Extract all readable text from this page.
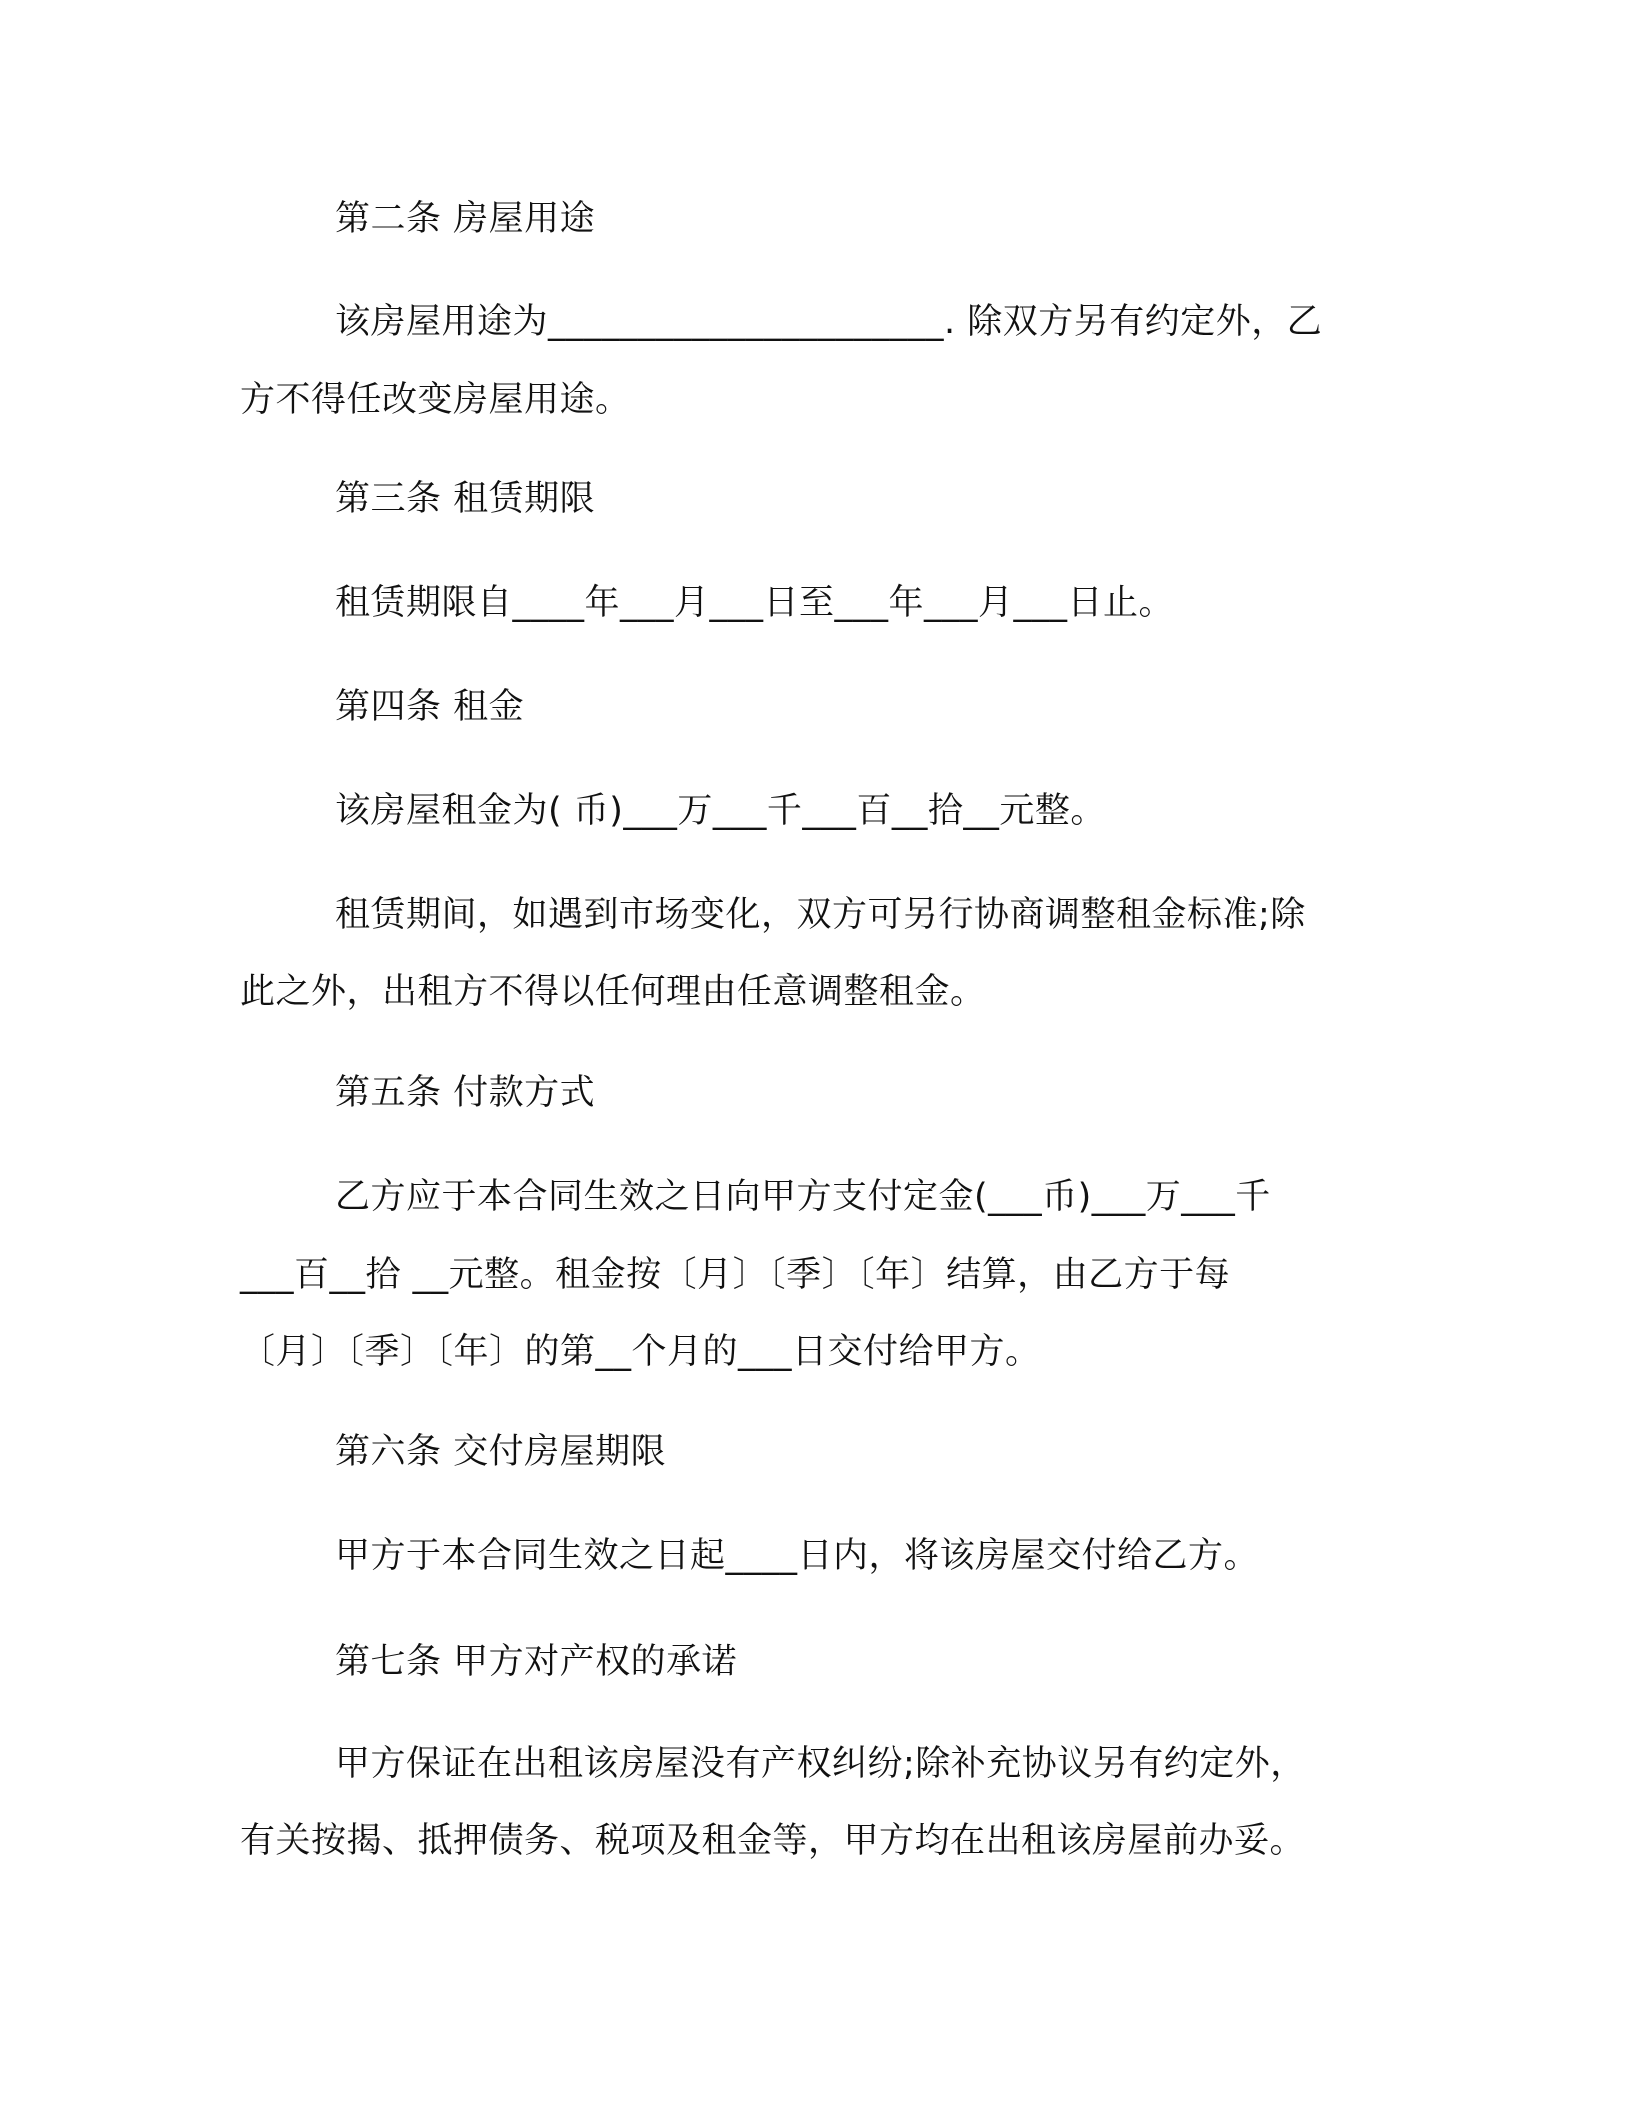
第二条 房屋用途
该房屋用途为______________________. 除双方另有约定外，乙
方不得任改变房屋用途。
第三条 租赁期限
租赁期限自____年___月___日至___年___月___日止。
第四条 租金
该房屋租金为( 币)___万___千___百__拾__元整。
租赁期间，如遇到市场变化，双方可另行协商调整租金标准;除
此之外，出租方不得以任何理由任意调整租金。
第五条 付款方式
乙方应于本合同生效之日向甲方支付定金(___币)___万___千
___百__拾 __元整。租金按〔月〕〔季〕〔年〕结算，由乙方于每
〔月〕〔季〕〔年〕的第__个月的___日交付给甲方。
第六条 交付房屋期限
甲方于本合同生效之日起____日内，将该房屋交付给乙方。
第七条 甲方对产权的承诺
甲方保证在出租该房屋没有产权纠纷;除补充协议另有约定外，
有关按揭、抵押债务、税项及租金等，甲方均在出租该房屋前办妥。
